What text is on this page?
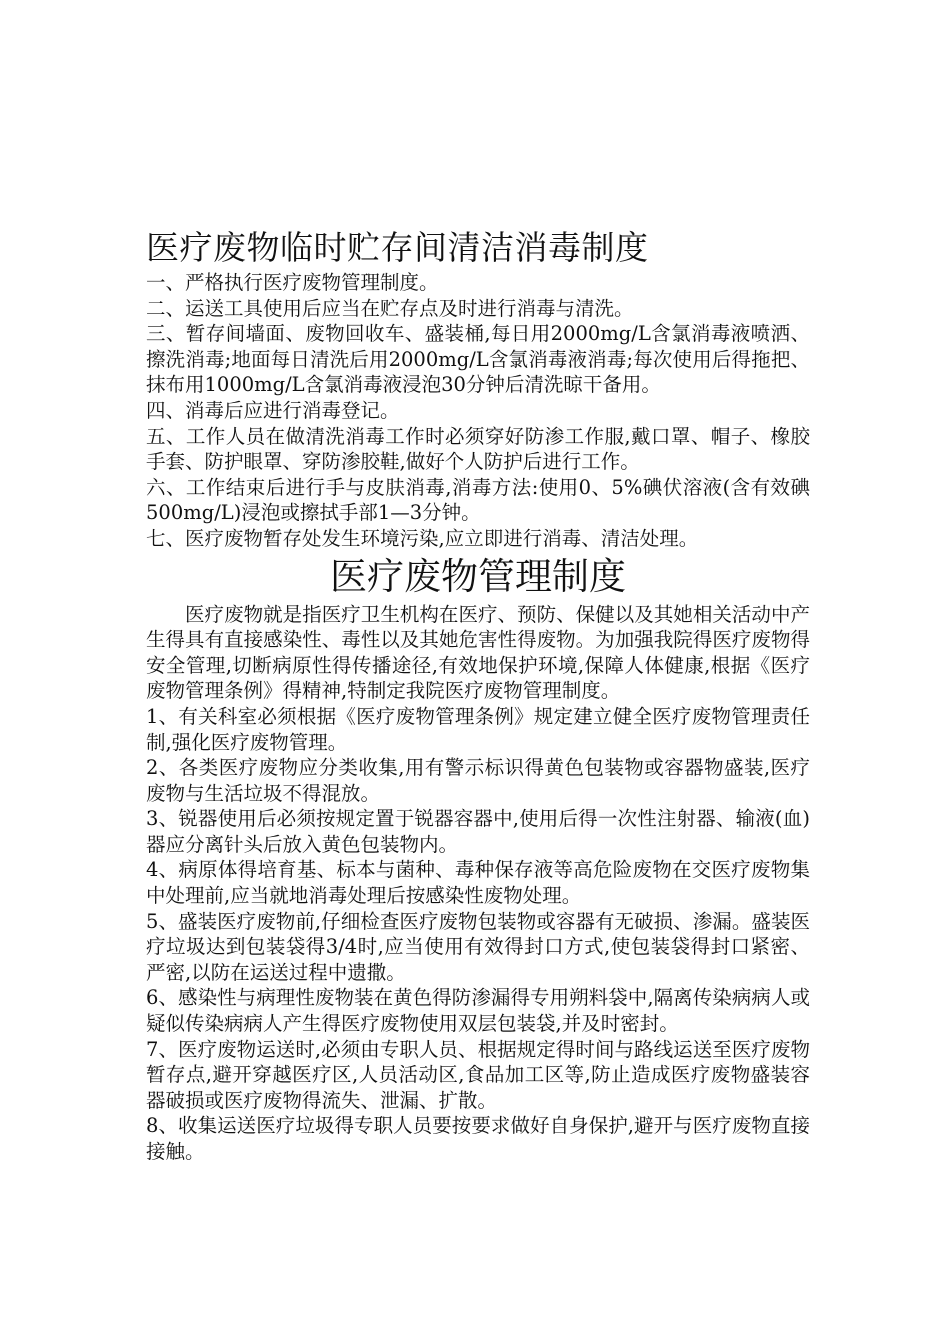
医疗废物临时贮存间清洁消毒制度

一、严格执行医疗废物管理制度。

二、运送工具使用后应当在贮存点及时进行消毒与清洗。

三、暂存间墙面、废物回收车、盛装桶,每日用2000mg/L含氯消毒液喷洒、擦洗消毒;地面每日清洗后用2000mg/L含氯消毒液消毒;每次使用后得拖把、抹布用1000mg/L含氯消毒液浸泡30分钟后清洗晾干备用。

四、消毒后应进行消毒登记。

五、工作人员在做清洗消毒工作时必须穿好防渗工作服,戴口罩、帽子、橡胶手套、防护眼罩、穿防渗胶鞋,做好个人防护后进行工作。

六、工作结束后进行手与皮肤消毒,消毒方法:使用0、5%碘伏溶液(含有效碘500mg/L)浸泡或擦拭手部1—3分钟。

七、医疗废物暂存处发生环境污染,应立即进行消毒、清洁处理。

医疗废物管理制度

医疗废物就是指医疗卫生机构在医疗、预防、保健以及其她相关活动中产生得具有直接感染性、毒性以及其她危害性得废物。为加强我院得医疗废物得安全管理,切断病原性得传播途径,有效地保护环境,保障人体健康,根据《医疗废物管理条例》得精神,特制定我院医疗废物管理制度。

1、有关科室必须根据《医疗废物管理条例》规定建立健全医疗废物管理责任制,强化医疗废物管理。

2、各类医疗废物应分类收集,用有警示标识得黄色包装物或容器物盛装,医疗废物与生活垃圾不得混放。

3、锐器使用后必须按规定置于锐器容器中,使用后得一次性注射器、输液(血)器应分离针头后放入黄色包装物内。

4、病原体得培育基、标本与菌种、毒种保存液等高危险废物在交医疗废物集中处理前,应当就地消毒处理后按感染性废物处理。

5、盛装医疗废物前,仔细检查医疗废物包装物或容器有无破损、渗漏。盛装医疗垃圾达到包装袋得3/4时,应当使用有效得封口方式,使包装袋得封口紧密、严密,以防在运送过程中遗撒。

6、感染性与病理性废物装在黄色得防渗漏得专用朔料袋中,隔离传染病病人或疑似传染病病人产生得医疗废物使用双层包装袋,并及时密封。

7、医疗废物运送时,必须由专职人员、根据规定得时间与路线运送至医疗废物暂存点,避开穿越医疗区,人员活动区,食品加工区等,防止造成医疗废物盛装容器破损或医疗废物得流失、泄漏、扩散。

8、收集运送医疗垃圾得专职人员要按要求做好自身保护,避开与医疗废物直接接触。
